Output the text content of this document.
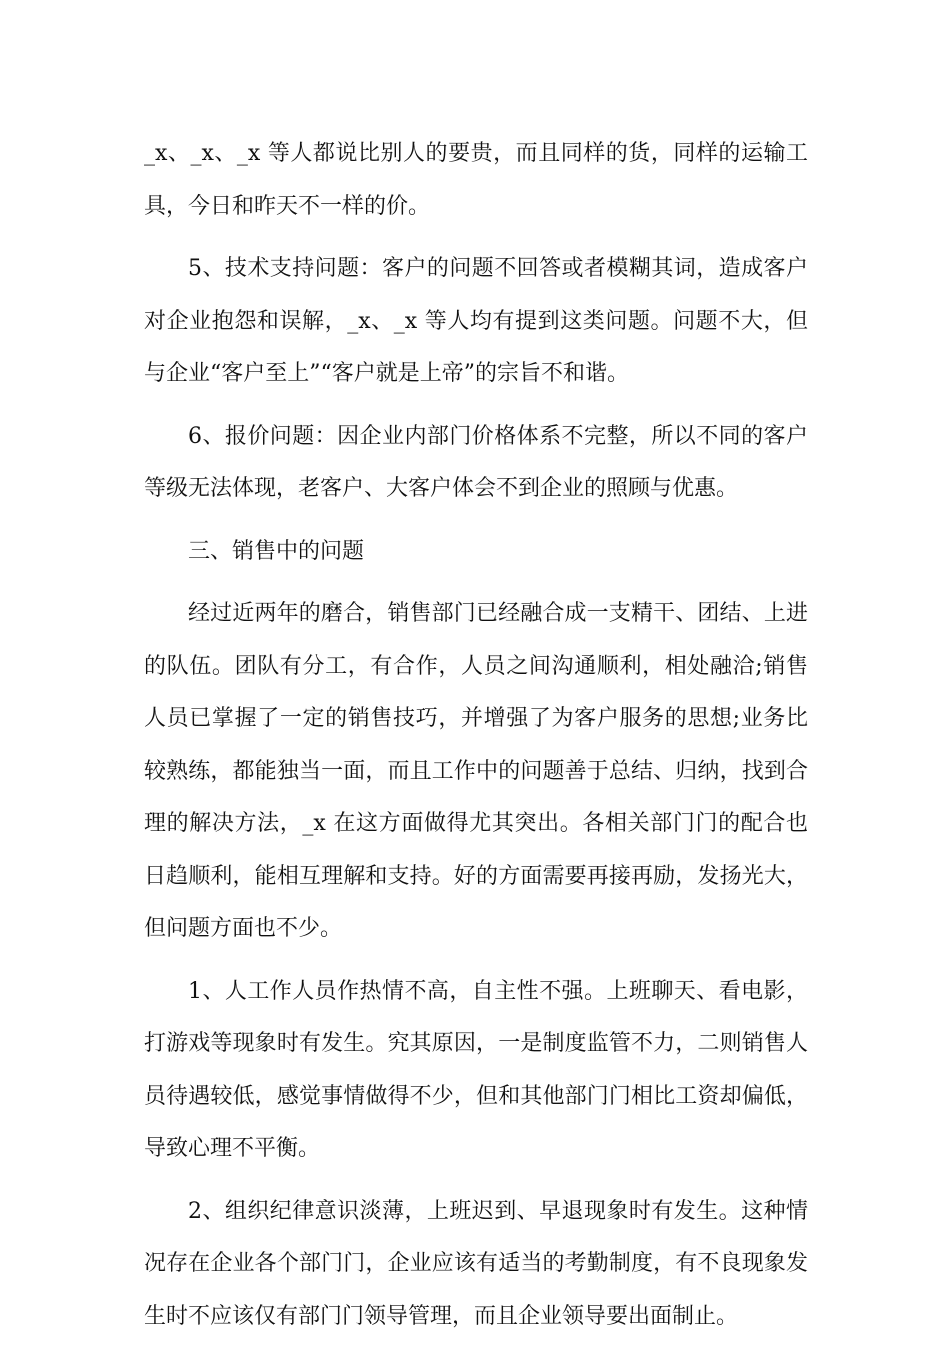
_x、_x、_x 等人都说比别人的要贵，而且同样的货，同样的运输工具，今日和昨天不一样的价。

5、技术支持问题：客户的问题不回答或者模糊其词，造成客户对企业抱怨和误解，_x、_x 等人均有提到这类问题。问题不大，但与企业“客户至上”“客户就是上帝”的宗旨不和谐。

6、报价问题：因企业内部门价格体系不完整，所以不同的客户等级无法体现，老客户、大客户体会不到企业的照顾与优惠。

三、销售中的问题

经过近两年的磨合，销售部门已经融合成一支精干、团结、上进的队伍。团队有分工，有合作，人员之间沟通顺利，相处融洽;销售人员已掌握了一定的销售技巧，并增强了为客户服务的思想;业务比较熟练，都能独当一面，而且工作中的问题善于总结、归纳，找到合理的解决方法，_x 在这方面做得尤其突出。各相关部门门的配合也日趋顺利，能相互理解和支持。好的方面需要再接再励，发扬光大，但问题方面也不少。

1、人工作人员作热情不高，自主性不强。上班聊天、看电影，打游戏等现象时有发生。究其原因，一是制度监管不力，二则销售人员待遇较低，感觉事情做得不少，但和其他部门门相比工资却偏低，导致心理不平衡。

2、组织纪律意识淡薄，上班迟到、早退现象时有发生。这种情况存在企业各个部门门，企业应该有适当的考勤制度，有不良现象发生时不应该仅有部门门领导管理，而且企业领导要出面制止。
